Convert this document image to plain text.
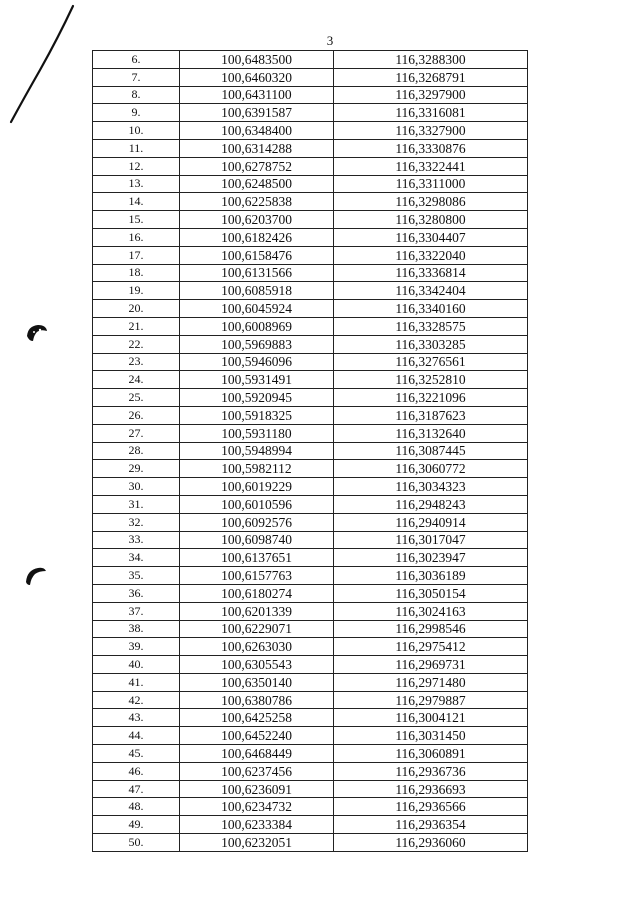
3
6.	100,6483500	116,3288300
7.	100,6460320	116,3268791
8.	100,6431100	116,3297900
9.	100,6391587	116,3316081
10.	100,6348400	116,3327900
11.	100,6314288	116,3330876
12.	100,6278752	116,3322441
13.	100,6248500	116,3311000
14.	100,6225838	116,3298086
15.	100,6203700	116,3280800
16.	100,6182426	116,3304407
17.	100,6158476	116,3322040
18.	100,6131566	116,3336814
19.	100,6085918	116,3342404
20.	100,6045924	116,3340160
21.	100,6008969	116,3328575
22.	100,5969883	116,3303285
23.	100,5946096	116,3276561
24.	100,5931491	116,3252810
25.	100,5920945	116,3221096
26.	100,5918325	116,3187623
27.	100,5931180	116,3132640
28.	100,5948994	116,3087445
29.	100,5982112	116,3060772
30.	100,6019229	116,3034323
31.	100,6010596	116,2948243
32.	100,6092576	116,2940914
33.	100,6098740	116,3017047
34.	100,6137651	116,3023947
35.	100,6157763	116,3036189
36.	100,6180274	116,3050154
37.	100,6201339	116,3024163
38.	100,6229071	116,2998546
39.	100,6263030	116,2975412
40.	100,6305543	116,2969731
41.	100,6350140	116,2971480
42.	100,6380786	116,2979887
43.	100,6425258	116,3004121
44.	100,6452240	116,3031450
45.	100,6468449	116,3060891
46.	100,6237456	116,2936736
47.	100,6236091	116,2936693
48.	100,6234732	116,2936566
49.	100,6233384	116,2936354
50.	100,6232051	116,2936060
